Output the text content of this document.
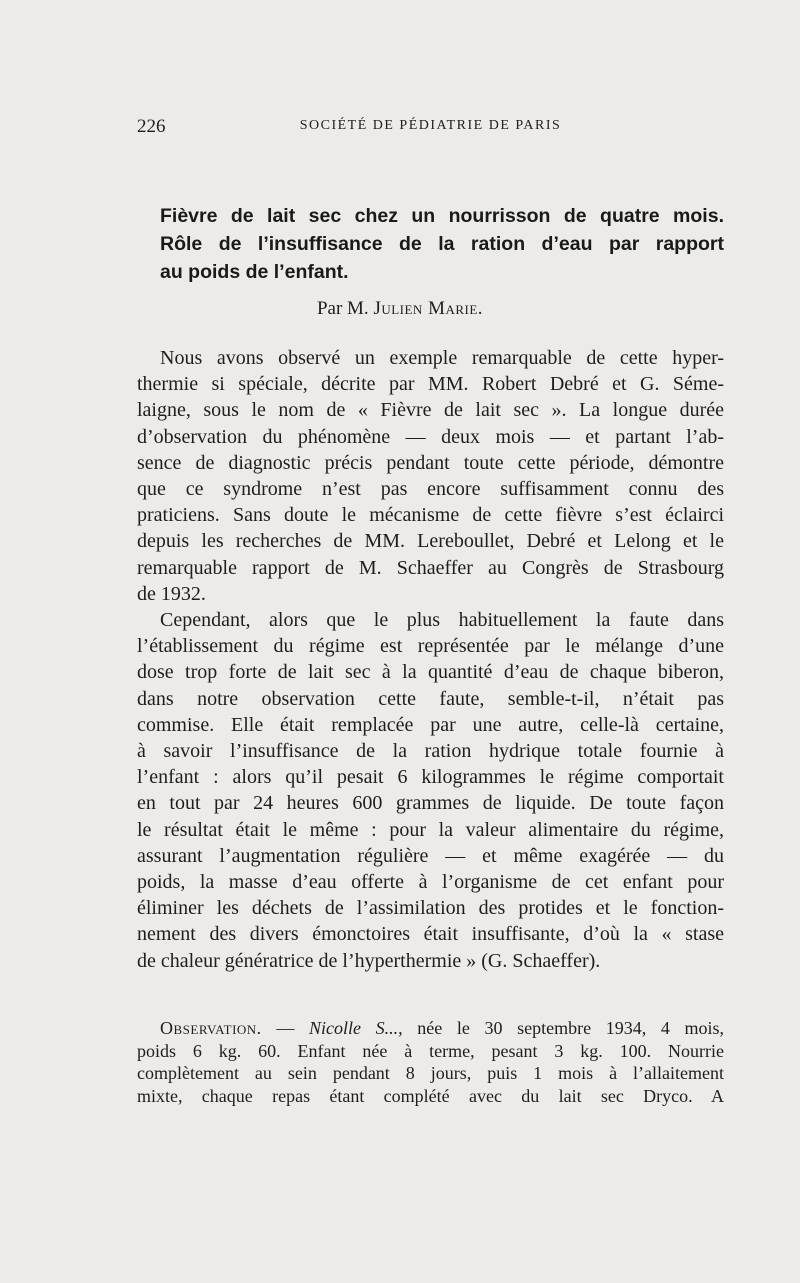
226	SOCIÉTÉ DE PÉDIATRIE DE PARIS
Fièvre de lait sec chez un nourrisson de quatre mois.
Rôle de l’insuffisance de la ration d’eau par rapport
au poids de l’enfant.
Par M. Julien Marie.

Nous avons observé un exemple remarquable de cette hyper-
thermie si spéciale, décrite par MM. Robert Debré et G. Séme-
laigne, sous le nom de « Fièvre de lait sec ». La longue durée
d’observation du phénomène — deux mois — et partant l’ab-
sence de diagnostic précis pendant toute cette période, démontre
que ce syndrome n’est pas encore suffisamment connu des
praticiens. Sans doute le mécanisme de cette fièvre s’est éclairci
depuis les recherches de MM. Lereboullet, Debré et Lelong et le
remarquable rapport de M. Schaeffer au Congrès de Strasbourg
de 1932.

Cependant, alors que le plus habituellement la faute dans
l’établissement du régime est représentée par le mélange d’une
dose trop forte de lait sec à la quantité d’eau de chaque biberon,
dans notre observation cette faute, semble-t-il, n’était pas
commise. Elle était remplacée par une autre, celle-là certaine,
à savoir l’insuffisance de la ration hydrique totale fournie à
l’enfant : alors qu’il pesait 6 kilogrammes le régime comportait
en tout par 24 heures 600 grammes de liquide. De toute façon
le résultat était le même : pour la valeur alimentaire du régime,
assurant l’augmentation régulière — et même exagérée — du
poids, la masse d’eau offerte à l’organisme de cet enfant pour
éliminer les déchets de l’assimilation des protides et le fonction-
nement des divers émonctoires était insuffisante, d’où la « stase
de chaleur génératrice de l’hyperthermie » (G. Schaeffer).

Observation. — Nicolle S..., née le 30 septembre 1934, 4 mois,
poids 6 kg. 60. Enfant née à terme, pesant 3 kg. 100. Nourrie
complètement au sein pendant 8 jours, puis 1 mois à l’allaitement
mixte, chaque repas étant complété avec du lait sec Dryco. A
